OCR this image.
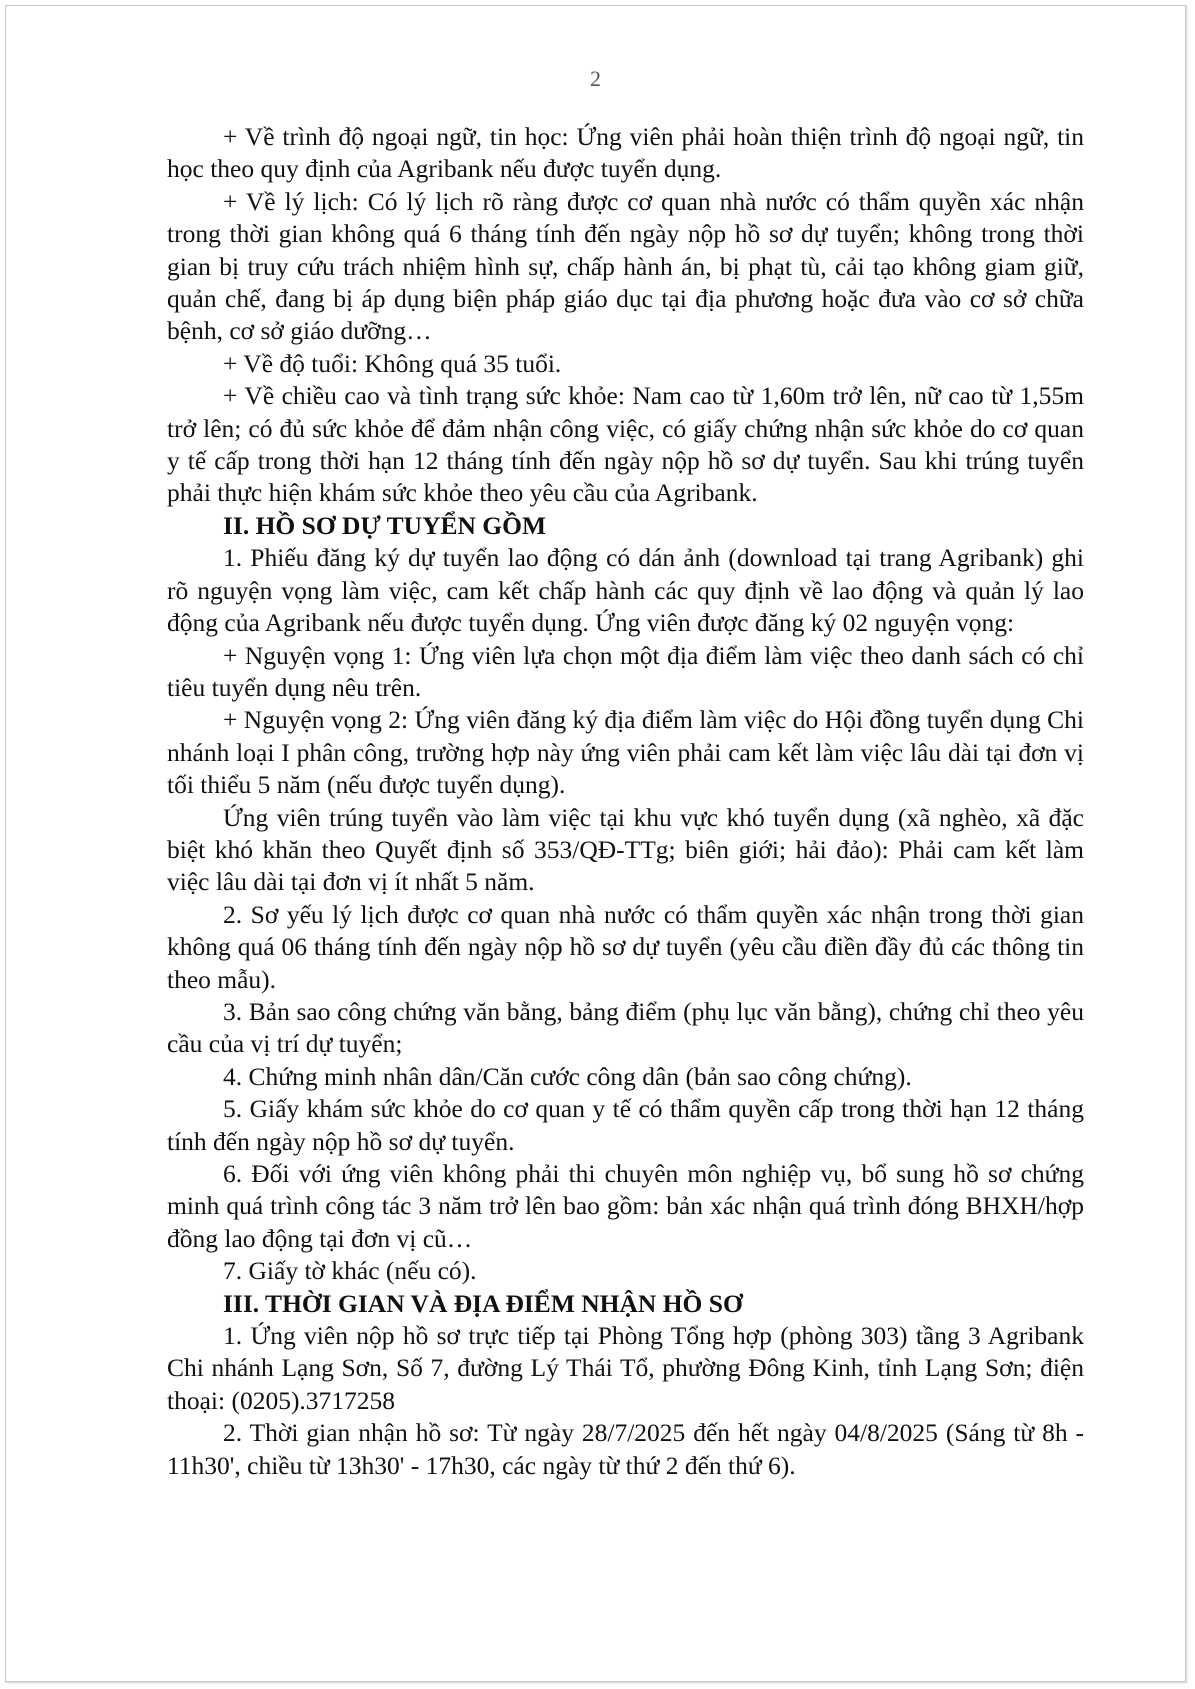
2

+ Về trình độ ngoại ngữ, tin học: Ứng viên phải hoàn thiện trình độ ngoại ngữ, tin học theo quy định của Agribank nếu được tuyển dụng.

+ Về lý lịch: Có lý lịch rõ ràng được cơ quan nhà nước có thẩm quyền xác nhận trong thời gian không quá 6 tháng tính đến ngày nộp hồ sơ dự tuyển; không trong thời gian bị truy cứu trách nhiệm hình sự, chấp hành án, bị phạt tù, cải tạo không giam giữ, quản chế, đang bị áp dụng biện pháp giáo dục tại địa phương hoặc đưa vào cơ sở chữa bệnh, cơ sở giáo dưỡng…

+ Về độ tuổi: Không quá 35 tuổi.

+ Về chiều cao và tình trạng sức khỏe: Nam cao từ 1,60m trở lên, nữ cao từ 1,55m trở lên; có đủ sức khỏe để đảm nhận công việc, có giấy chứng nhận sức khỏe do cơ quan y tế cấp trong thời hạn 12 tháng tính đến ngày nộp hồ sơ dự tuyển. Sau khi trúng tuyển phải thực hiện khám sức khỏe theo yêu cầu của Agribank.

II. HỒ SƠ DỰ TUYỂN GỒM

1. Phiếu đăng ký dự tuyển lao động có dán ảnh (download tại trang Agribank) ghi rõ nguyện vọng làm việc, cam kết chấp hành các quy định về lao động và quản lý lao động của Agribank nếu được tuyển dụng. Ứng viên được đăng ký 02 nguyện vọng:

+ Nguyện vọng 1: Ứng viên lựa chọn một địa điểm làm việc theo danh sách có chỉ tiêu tuyển dụng nêu trên.

+ Nguyện vọng 2: Ứng viên đăng ký địa điểm làm việc do Hội đồng tuyển dụng Chi nhánh loại I phân công, trường hợp này ứng viên phải cam kết làm việc lâu dài tại đơn vị tối thiểu 5 năm (nếu được tuyển dụng).

Ứng viên trúng tuyển vào làm việc tại khu vực khó tuyển dụng (xã nghèo, xã đặc biệt khó khăn theo Quyết định số 353/QĐ-TTg; biên giới; hải đảo): Phải cam kết làm việc lâu dài tại đơn vị ít nhất 5 năm.

2. Sơ yếu lý lịch được cơ quan nhà nước có thẩm quyền xác nhận trong thời gian không quá 06 tháng tính đến ngày nộp hồ sơ dự tuyển (yêu cầu điền đầy đủ các thông tin theo mẫu).

3. Bản sao công chứng văn bằng, bảng điểm (phụ lục văn bằng), chứng chỉ theo yêu cầu của vị trí dự tuyển;

4. Chứng minh nhân dân/Căn cước công dân (bản sao công chứng).

5. Giấy khám sức khỏe do cơ quan y tế có thẩm quyền cấp trong thời hạn 12 tháng tính đến ngày nộp hồ sơ dự tuyển.

6. Đối với ứng viên không phải thi chuyên môn nghiệp vụ, bổ sung hồ sơ chứng minh quá trình công tác 3 năm trở lên bao gồm: bản xác nhận quá trình đóng BHXH/hợp đồng lao động tại đơn vị cũ…

7. Giấy tờ khác (nếu có).

III. THỜI GIAN VÀ ĐỊA ĐIỂM NHẬN HỒ SƠ

1. Ứng viên nộp hồ sơ trực tiếp tại Phòng Tổng hợp (phòng 303) tầng 3 Agribank Chi nhánh Lạng Sơn, Số 7, đường Lý Thái Tổ, phường Đông Kinh, tỉnh Lạng Sơn; điện thoại: (0205).3717258

2. Thời gian nhận hồ sơ: Từ ngày 28/7/2025 đến hết ngày 04/8/2025 (Sáng từ 8h - 11h30', chiều từ 13h30' - 17h30, các ngày từ thứ 2 đến thứ 6).
